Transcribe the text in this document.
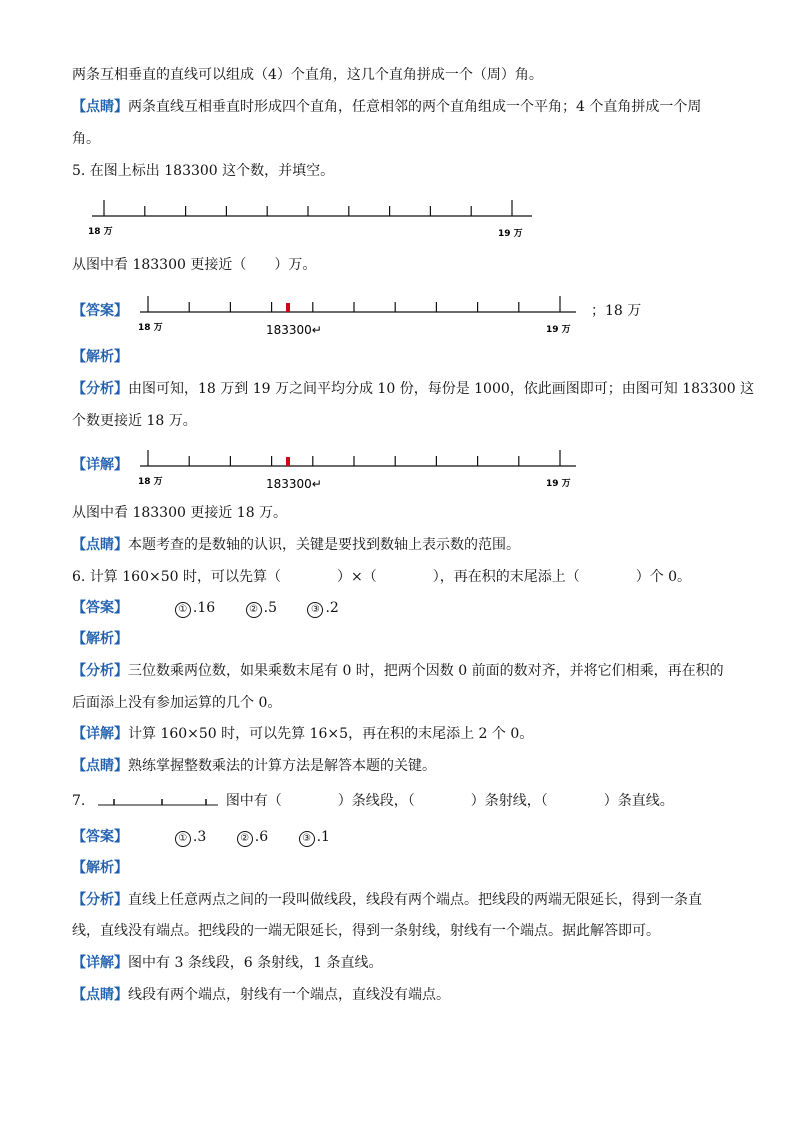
两条互相垂直的直线可以组成（4）个直角，这几个直角拼成一个（周）角。
【点睛】两条直线互相垂直时形成四个直角，任意相邻的两个直角组成一个平角；4 个直角拼成一个周
角。
5. 在图上标出 183300 这个数，并填空。
18 万	19 万
从图中看 183300 更接近（　　）万。
【答案】
18 万	183300↵	19 万
；18 万
【解析】
【分析】由图可知，18 万到 19 万之间平均分成 10 份，每份是 1000，依此画图即可；由图可知 183300 这
个数更接近 18 万。
【详解】
18 万	183300↵	19 万
从图中看 183300 更接近 18 万。
【点睛】本题考查的是数轴的认识，关键是要找到数轴上表示数的范围。
6. 计算 160×50 时，可以先算（　　　　）×（　　　　），再在积的末尾添上（　　　　）个 0。
【答案】	① .16	② .5	③ .2
【解析】
【分析】三位数乘两位数，如果乘数末尾有 0 时，把两个因数 0 前面的数对齐，并将它们相乘，再在积的
后面添上没有参加运算的几个 0。
【详解】计算 160×50 时，可以先算 16×5，再在积的末尾添上 2 个 0。
【点睛】熟练掌握整数乘法的计算方法是解答本题的关键。
7.	图中有（　　　　）条线段，（　　　　）条射线，（　　　　）条直线。
【答案】	① .3	② .6	③ .1
【解析】
【分析】直线上任意两点之间的一段叫做线段，线段有两个端点。把线段的两端无限延长，得到一条直
线，直线没有端点。把线段的一端无限延长，得到一条射线，射线有一个端点。据此解答即可。
【详解】图中有 3 条线段，6 条射线，1 条直线。
【点睛】线段有两个端点，射线有一个端点，直线没有端点。
